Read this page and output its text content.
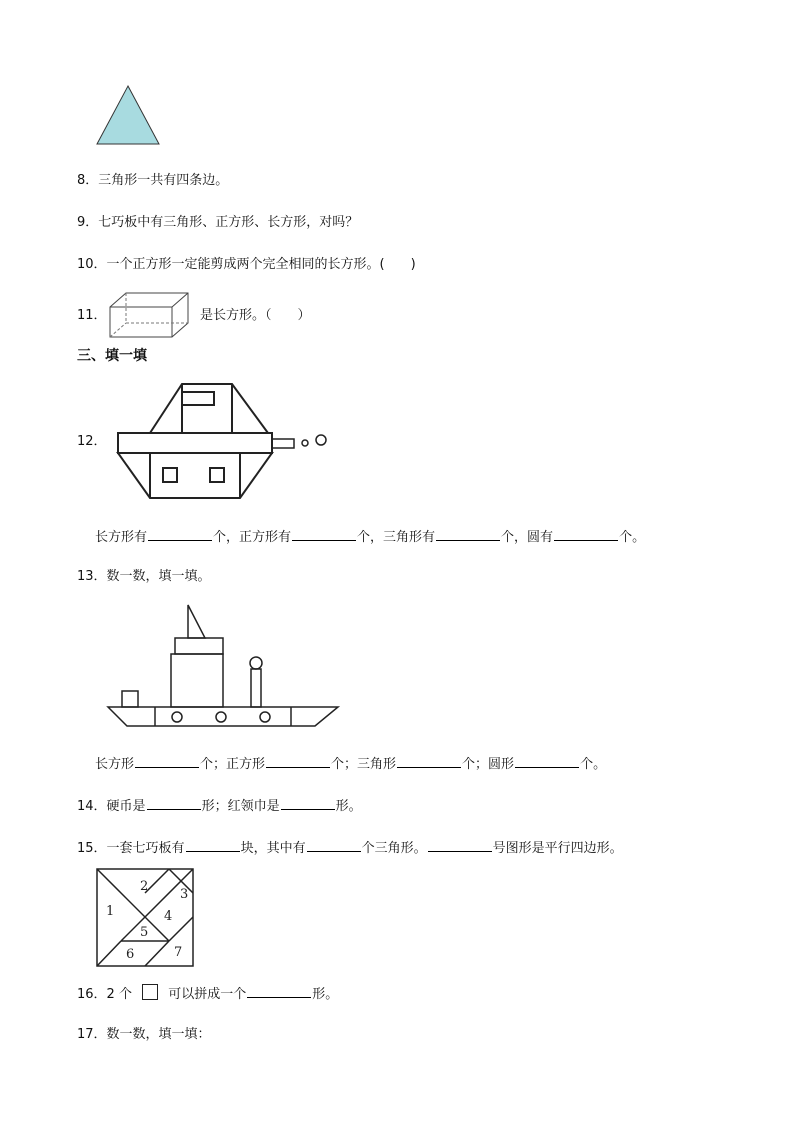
8．三角形一共有四条边。
9．七巧板中有三角形、正方形、长方形，对吗？
10．一个正方形一定能剪成两个完全相同的长方形。(　　)
11．	是长方形。（　　）
三、填一填
12．
长方形有	个，正方形有	个，三角形有	个，圆有	个。
13．数一数，填一填。
长方形	个；正方形	个；三角形	个；圆形	个。
14．硬币是	形；红领巾是	形。
15．一套七巧板有	块，其中有	个三角形。	号图形是平行四边形。
1
2
3
4
5
6	7
16．2 个	可以拼成一个	形。
17．数一数，填一填：
